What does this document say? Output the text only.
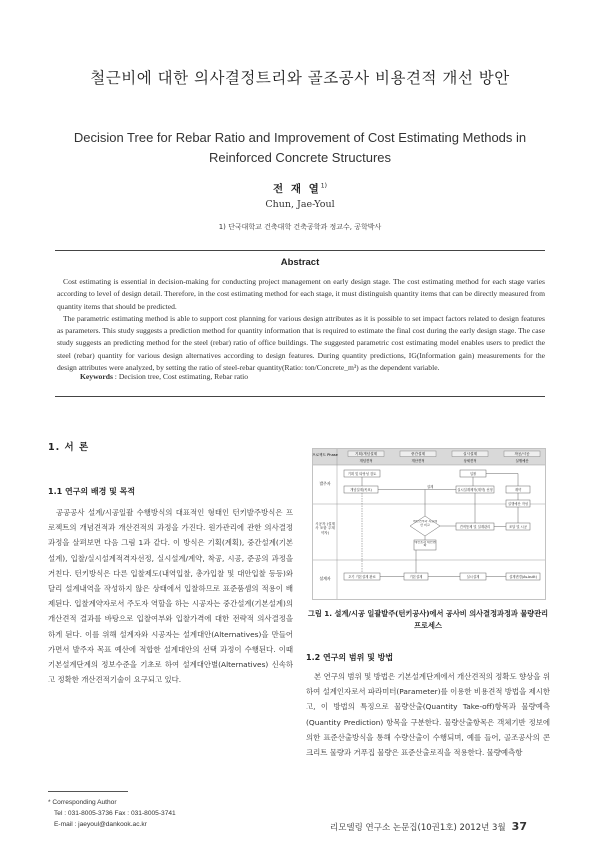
철근비에 대한 의사결정트리와 골조공사 비용견적 개선 방안
Decision Tree for Rebar Ratio and Improvement of Cost Estimating Methods in Reinforced Concrete Structures
전 재 열$^{1)}$
Chun, Jae-Youl
1) 단국대학교 건축대학 건축공학과 정교수, 공학박사
Abstract

Cost estimating is essential in decision-making for conducting project management on early design stage. The cost estimating method for each stage varies according to level of design detail. Therefore, in the cost estimating method for each stage, it must distinguish quantity items that can be directly measured from quantity items that should be predicted.

The parametric estimating method is able to support cost planning for various design attributes as it is possible to set impact factors related to design features as parameters. This study suggests a prediction method for quantity information that is required to estimate the final cost during the early design stage. The case study suggests an predicting method for the steel (rebar) ratio of office buildings. The suggested parametric cost estimating model enables users to predict the steel (rebar) quantity for various design alternatives according to design features. During quantity predictions, IG(Information gain) measurements for the design attributes were analyzed, by setting the ratio of steel-rebar quantity(Ratio: ton/Concrete_m³) as the dependent variable.

Keywords : Decision tree, Cost estimating, Rebar ratio
1. 서 론
1.1 연구의 배경 및 목적

공공공사 설계/시공일괄 수행방식의 대표적인 형태인 턴키발주방식은 프로젝트의 개념견적과 개산견적의 과정을 가진다. 원가관리에 관한 의사결정 과정을 살펴보면 다음 그림 1과 같다. 이 방식은 기획(계획), 중간설계(기본설계), 입찰/실시설계적격자선정, 실시설계/계약, 착공, 시공, 준공의 과정을 거친다. 턴키방식은 다른 입찰제도(내역입찰, 총가입찰 및 대안입찰 등등)와 달리 설계내역을 작성하지 않은 상태에서 입찰하므로 표준품셈의 적용이 배제된다. 입찰계약자로서 주도자 역할을 하는 시공자는 중간설계(기본설계)의 개산견적 결과를 바탕으로 입찰여부와 입찰가격에 대한 전략적 의사결정을 하게 된다. 이를 위해 설계자와 시공자는 설계대안(Alternatives)을 만들어 가면서 발주자 목표 예산에 적합한 설계대안의 선택 과정이 수행된다. 이때 기본설계단계의 정보수준을 기초로 하여 설계대안별(Alternatives) 신속하고 정확한 개산견적기술이 요구되고 있다.

프로젝트 Phase	기획/개념설계
개념견적
중간설계
개산견적
실시설계
상세견적
착공/시공
실행예산
발주자
시공자 (설계사 포함 주계약자)
설계자
기획 및 타당성 검토	입찰
계약
개념설계(목표)
설계
실시설계제작(계약) 선정
실행예산 작성
견적통제 및 설계관리	조달 및 시공
초기 기본설계 완료	기본설계	실시설계	설계변경(As-built)
개산견적과 목표예산 비교
예산초과 대안변화
그림 1. 설계/시공 일괄발주(턴키공사)에서 공사비 의사결정과정과 물량관리 프로세스
1.2 연구의 범위 및 방법

본 연구의 범위 및 방법은 기본설계단계에서 개산견적의 정확도 향상을 위하여 설계인자로서 파라미터(Parameter)를 이용한 비용견적 방법을 제시한고, 이 방법의 특징으로 물량산출(Quantity Take-off)항목과 물량예측(Quantity Prediction) 항목을 구분한다. 물량산출항목은 객체기반 정보에 의한 표준산출방식을 통해 수량산출이 수행되며, 예를 들어, 골조공사의 콘크리트 물량과 거푸집 물량은 표준산출로직을 적용한다. 물량예측항

* Corresponding Author
Tel : 031-8005-3736 Fax : 031-8005-3741
E-mail : jaeyoul@dankook.ac.kr	리모델링 연구소 논문집(10권1호) 2012년 3월 37
